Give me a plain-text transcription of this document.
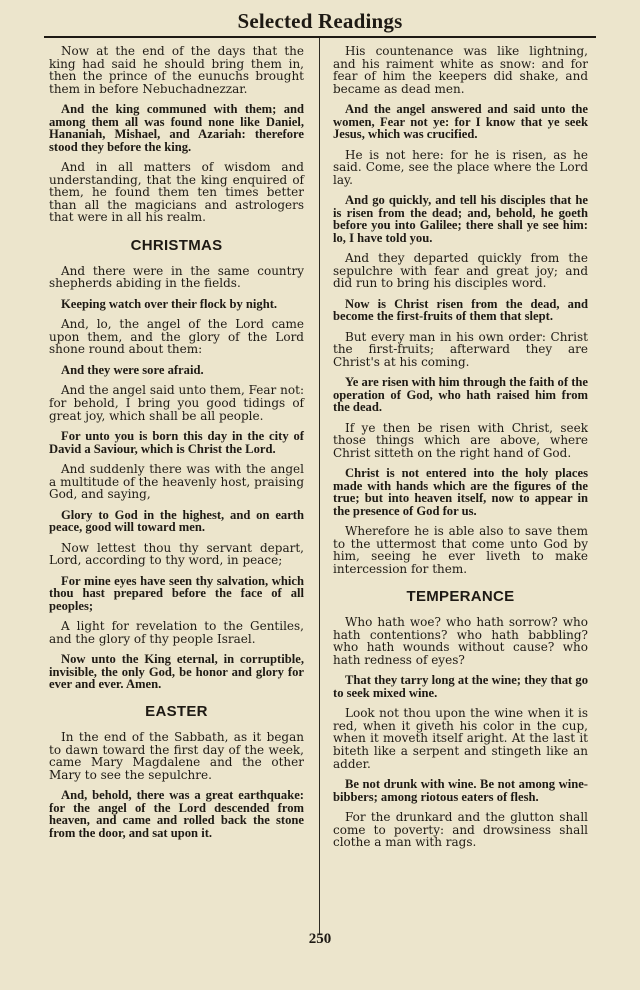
Selected Readings

Now at the end of the days that the king had said he should bring them in, then the prince of the eunuchs brought them in before Nebuchadnezzar.

And the king communed with them; and among them all was found none like Daniel, Hananiah, Mishael, and Azariah: therefore stood they before the king.

And in all matters of wisdom and understanding, that the king enquired of them, he found them ten times better than all the magicians and astrologers that were in all his realm.

CHRISTMAS

And there were in the same country shepherds abiding in the fields.

Keeping watch over their flock by night.

And, lo, the angel of the Lord came upon them, and the glory of the Lord shone round about them:

And they were sore afraid.

And the angel said unto them, Fear not: for behold, I bring you good tidings of great joy, which shall be all people.

For unto you is born this day in the city of David a Saviour, which is Christ the Lord.

And suddenly there was with the angel a multitude of the heavenly host, praising God, and saying,

Glory to God in the highest, and on earth peace, good will toward men.

Now lettest thou thy servant depart, Lord, according to thy word, in peace;

For mine eyes have seen thy salvation, which thou hast prepared before the face of all peoples;

A light for revelation to the Gentiles, and the glory of thy people Israel.

Now unto the King eternal, in corruptible, invisible, the only God, be honor and glory for ever and ever. Amen.

EASTER

In the end of the Sabbath, as it began to dawn toward the first day of the week, came Mary Magdalene and the other Mary to see the sepulchre.

And, behold, there was a great earthquake: for the angel of the Lord descended from heaven, and came and rolled back the stone from the door, and sat upon it.

His countenance was like lightning, and his raiment white as snow: and for fear of him the keepers did shake, and became as dead men.

And the angel answered and said unto the women, Fear not ye: for I know that ye seek Jesus, which was crucified.

He is not here: for he is risen, as he said. Come, see the place where the Lord lay.

And go quickly, and tell his disciples that he is risen from the dead; and, behold, he goeth before you into Galilee; there shall ye see him: lo, I have told you.

And they departed quickly from the sepulchre with fear and great joy; and did run to bring his disciples word.

Now is Christ risen from the dead, and become the first-fruits of them that slept.

But every man in his own order: Christ the first-fruits; afterward they are Christ's at his coming.

Ye are risen with him through the faith of the operation of God, who hath raised him from the dead.

If ye then be risen with Christ, seek those things which are above, where Christ sitteth on the right hand of God.

Christ is not entered into the holy places made with hands which are the figures of the true; but into heaven itself, now to appear in the presence of God for us.

Wherefore he is able also to save them to the uttermost that come unto God by him, seeing he ever liveth to make intercession for them.

TEMPERANCE

Who hath woe? who hath sorrow? who hath contentions? who hath babbling? who hath wounds without cause? who hath redness of eyes?

That they tarry long at the wine; they that go to seek mixed wine.

Look not thou upon the wine when it is red, when it giveth his color in the cup, when it moveth itself aright. At the last it biteth like a serpent and stingeth like an adder.

Be not drunk with wine. Be not among wine-bibbers; among riotous eaters of flesh.

For the drunkard and the glutton shall come to poverty: and drowsiness shall clothe a man with rags.

250
